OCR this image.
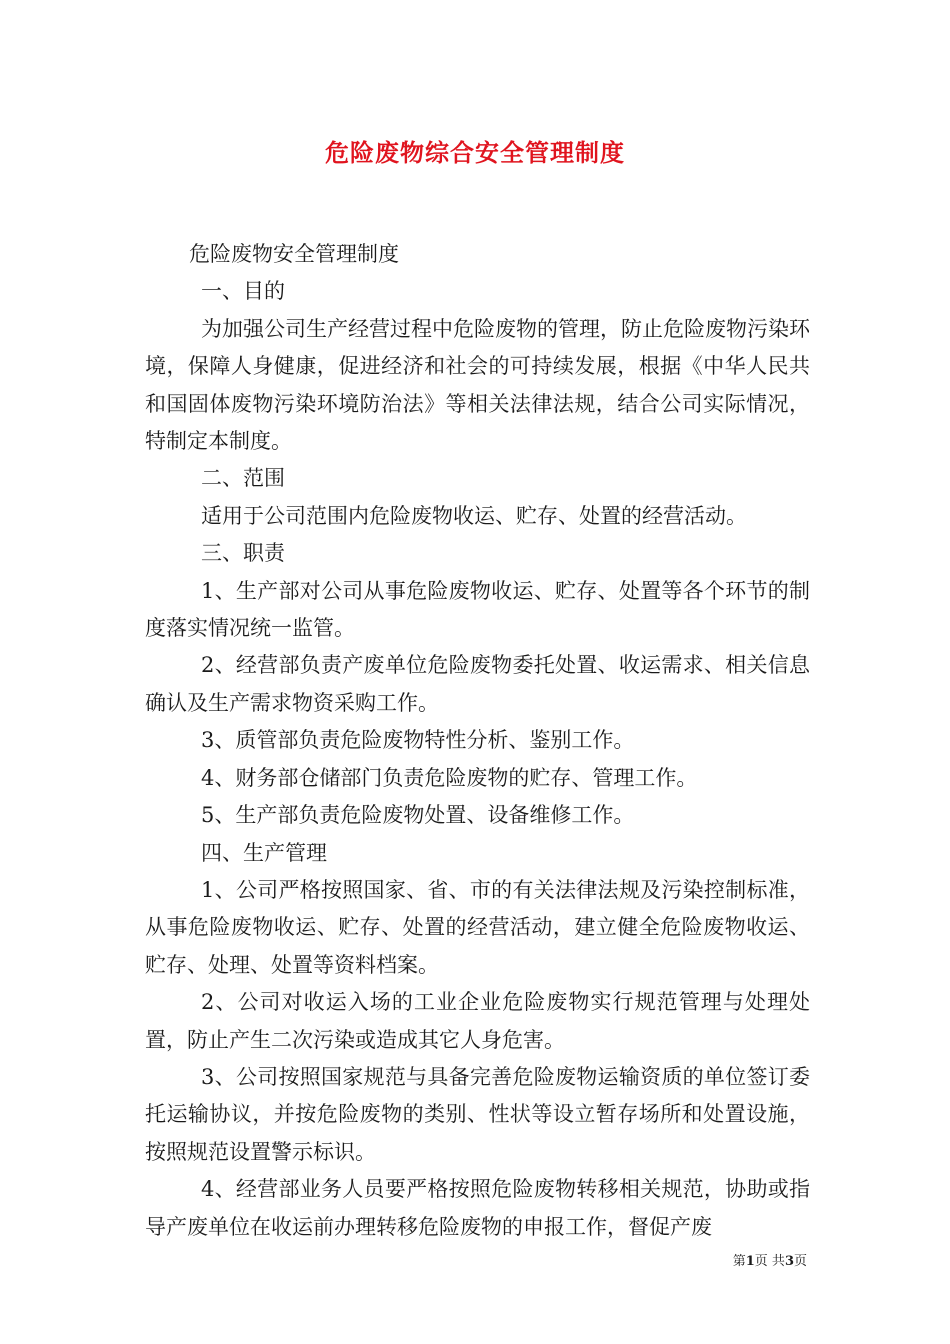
危险废物综合安全管理制度

危险废物安全管理制度

一、目的

为加强公司生产经营过程中危险废物的管理，防止危险废物污染环境，保障人身健康，促进经济和社会的可持续发展，根据《中华人民共和国固体废物污染环境防治法》等相关法律法规，结合公司实际情况，特制定本制度。

二、范围

适用于公司范围内危险废物收运、贮存、处置的经营活动。

三、职责

1、生产部对公司从事危险废物收运、贮存、处置等各个环节的制度落实情况统一监管。

2、经营部负责产废单位危险废物委托处置、收运需求、相关信息确认及生产需求物资采购工作。

3、质管部负责危险废物特性分析、鉴别工作。

4、财务部仓储部门负责危险废物的贮存、管理工作。

5、生产部负责危险废物处置、设备维修工作。

四、生产管理

1、公司严格按照国家、省、市的有关法律法规及污染控制标准，从事危险废物收运、贮存、处置的经营活动，建立健全危险废物收运、贮存、处理、处置等资料档案。

2、公司对收运入场的工业企业危险废物实行规范管理与处理处置，防止产生二次污染或造成其它人身危害。

3、公司按照国家规范与具备完善危险废物运输资质的单位签订委托运输协议，并按危险废物的类别、性状等设立暂存场所和处置设施，按照规范设置警示标识。

4、经营部业务人员要严格按照危险废物转移相关规范，协助或指导产废单位在收运前办理转移危险废物的申报工作，督促产废

第1页 共3页
